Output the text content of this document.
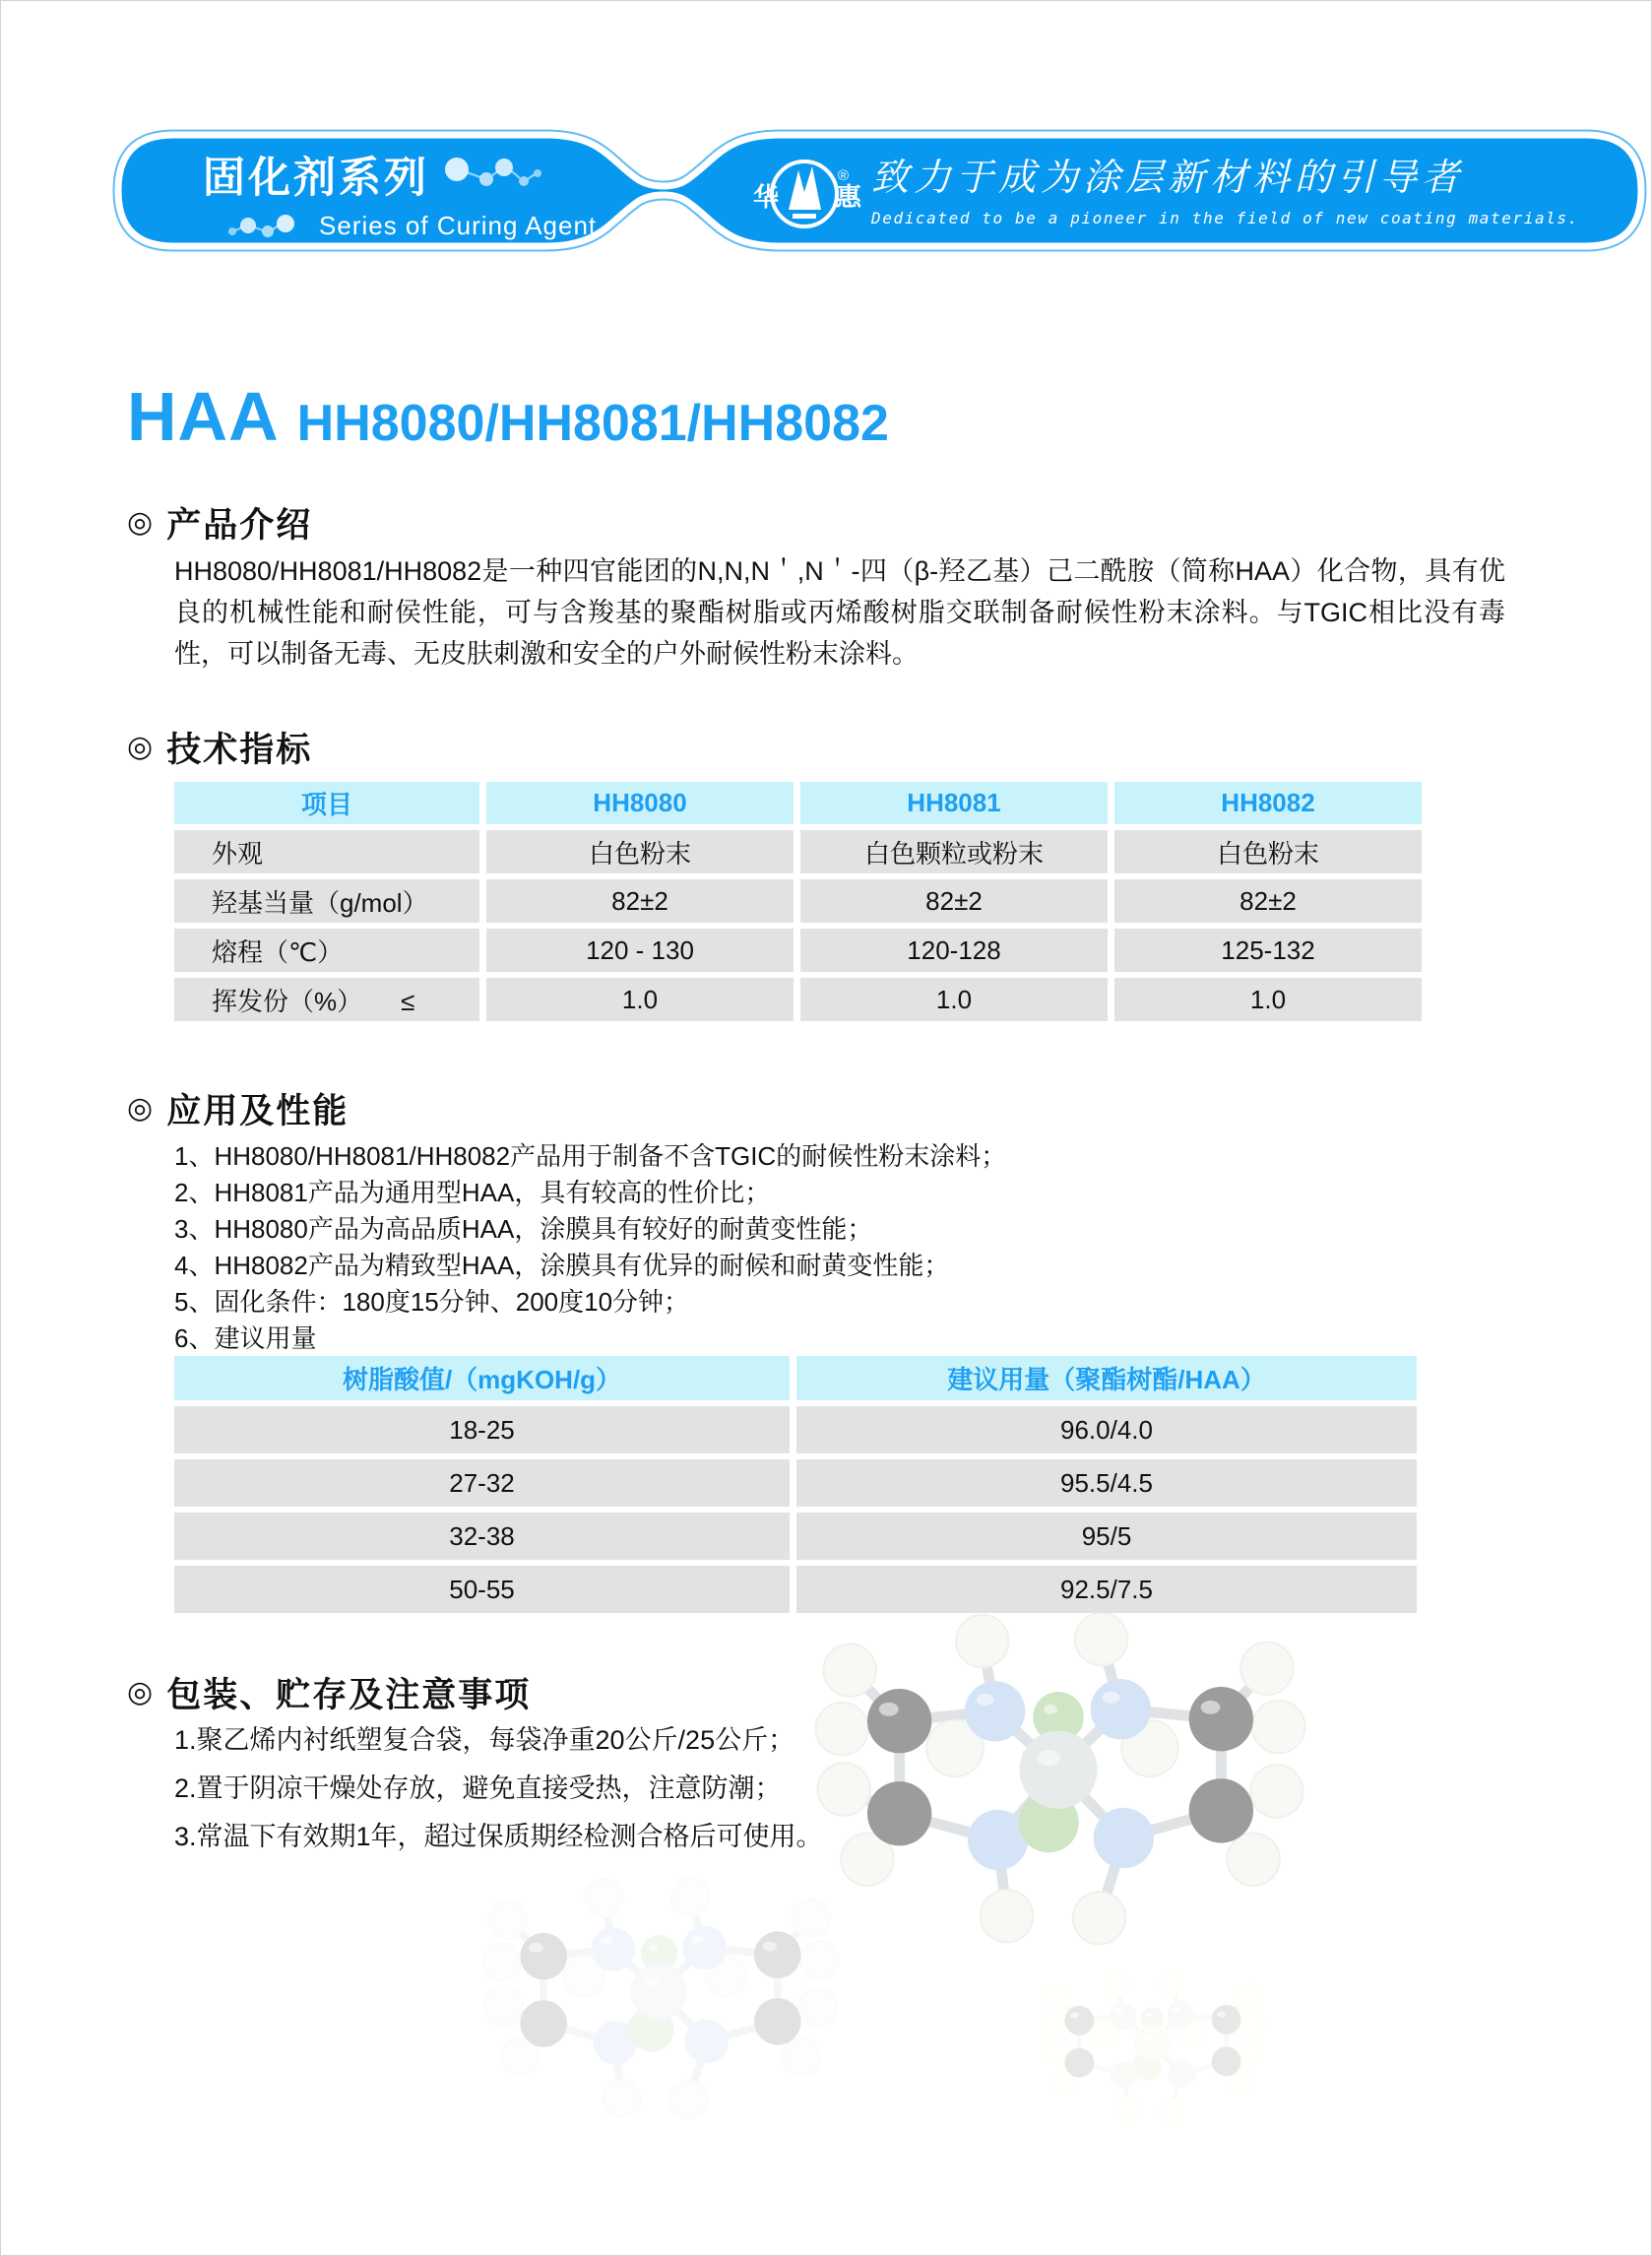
固化剂系列
Series of Curing Agent
华
®
惠 致力于成为涂层新材料的引导者
Dedicated to be a pioneer in the field of new coating materials.
HAA HH8080/HH8081/HH8082
◎ 产品介绍
HH8080/HH8081/HH8082是一种四官能团的N,N,N＇,N＇-四（β-羟乙基）己二酰胺（简称HAA）化合物，具有优良的机械性能和耐侯性能，可与含羧基的聚酯树脂或丙烯酸树脂交联制备耐候性粉末涂料。与TGIC相比没有毒性，可以制备无毒、无皮肤刺激和安全的户外耐候性粉末涂料。
◎ 技术指标
项目	HH8080	HH8081	HH8082
外观	白色粉末	白色颗粒或粉末	白色粉末
羟基当量（g/mol）	82±2	82±2	82±2
熔程（℃）	120 - 130	120-128	125-132
挥发份（%）　　≤	1.0	1.0	1.0
◎ 应用及性能
1、HH8080/HH8081/HH8082产品用于制备不含TGIC的耐候性粉末涂料；
2、HH8081产品为通用型HAA，具有较高的性价比；
3、HH8080产品为高品质HAA，涂膜具有较好的耐黄变性能；
4、HH8082产品为精致型HAA，涂膜具有优异的耐候和耐黄变性能；
5、固化条件：180度15分钟、200度10分钟；
6、建议用量
树脂酸值/（mgKOH/g）	建议用量（聚酯树酯/HAA）
18-25	96.0/4.0
27-32	95.5/4.5
32-38	95/5
50-55	92.5/7.5
◎ 包装、贮存及注意事项
1.聚乙烯内衬纸塑复合袋，每袋净重20公斤/25公斤；
2.置于阴凉干燥处存放，避免直接受热，注意防潮；
3.常温下有效期1年，超过保质期经检测合格后可使用。
